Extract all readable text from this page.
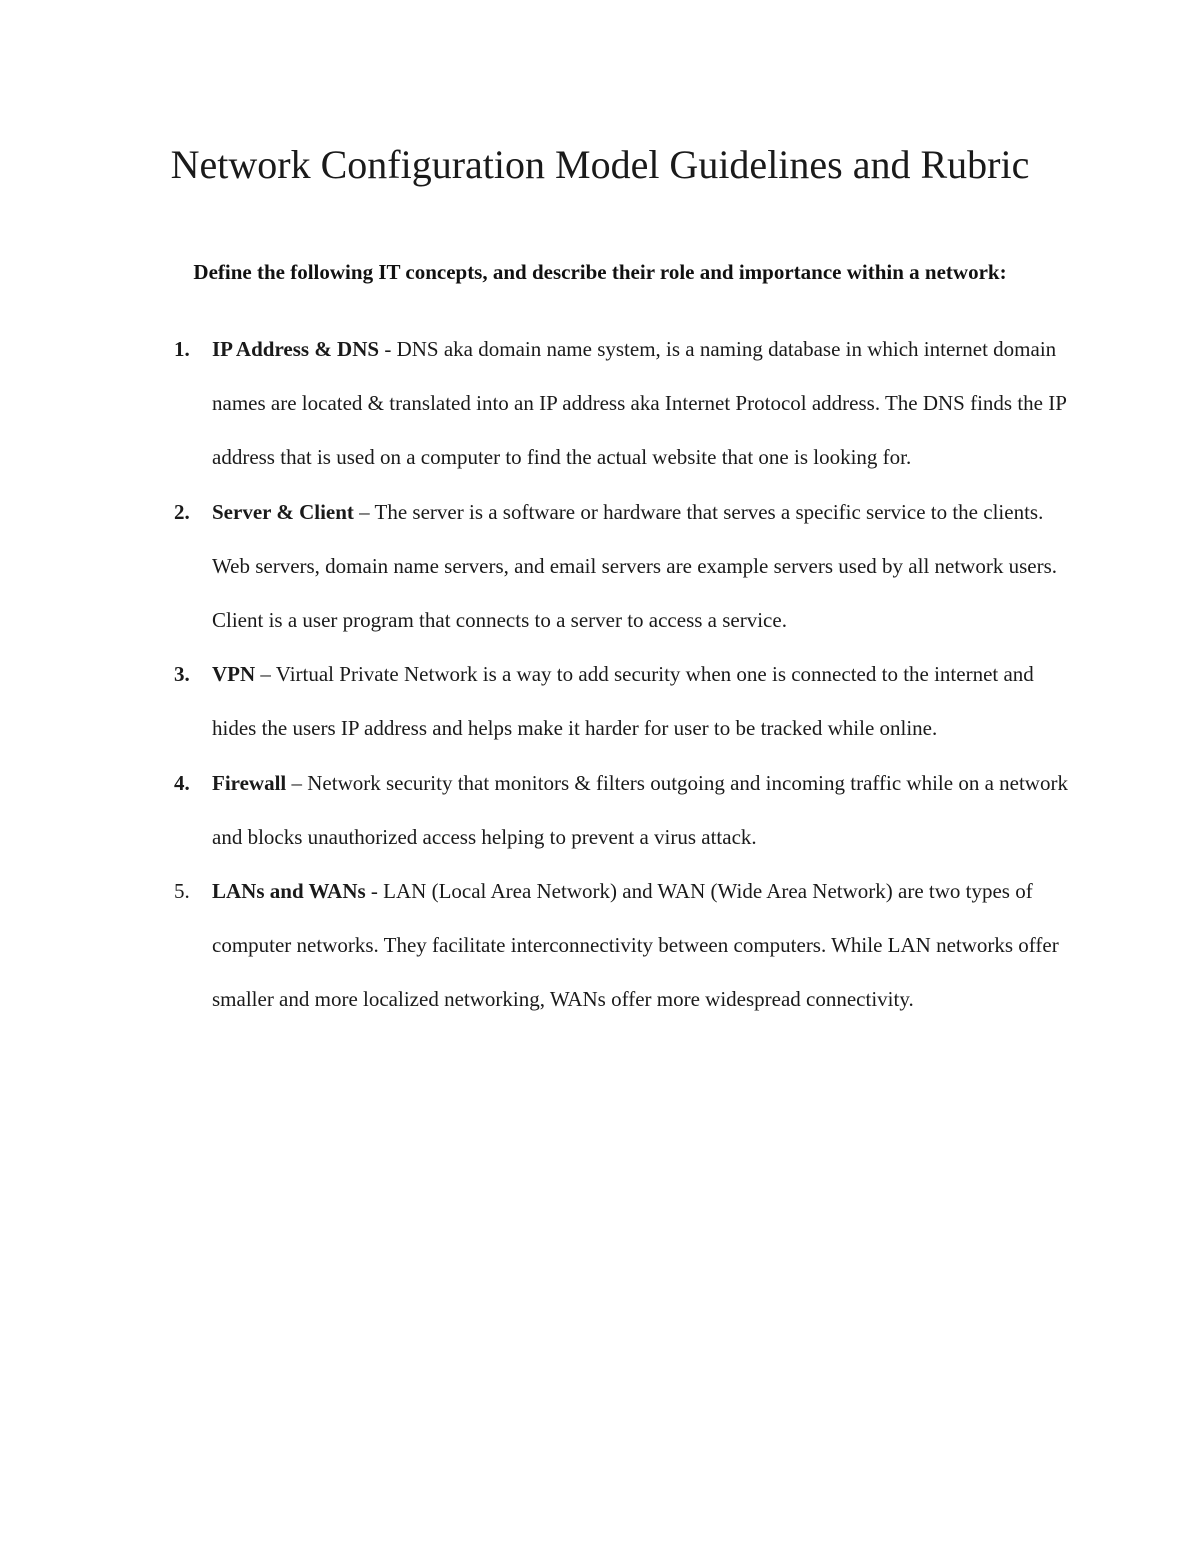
Network Configuration Model Guidelines and Rubric

Define the following IT concepts, and describe their role and importance within a network:

1.	IP Address & DNS - DNS aka domain name system, is a naming database in which internet domain names are located & translated into an IP address aka Internet Protocol address. The DNS finds the IP address that is used on a computer to find the actual website that one is looking for.
2.	Server & Client – The server is a software or hardware that serves a specific service to the clients. Web servers, domain name servers, and email servers are example servers used by all network users. Client is a user program that connects to a server to access a service.
3.	VPN – Virtual Private Network is a way to add security when one is connected to the internet and hides the users IP address and helps make it harder for user to be tracked while online.
4.	Firewall – Network security that monitors & filters outgoing and incoming traffic while on a network and blocks unauthorized access helping to prevent a virus attack.
5.	LANs and WANs - LAN (Local Area Network) and WAN (Wide Area Network) are two types of computer networks. They facilitate interconnectivity between computers. While LAN networks offer smaller and more localized networking, WANs offer more widespread connectivity.
